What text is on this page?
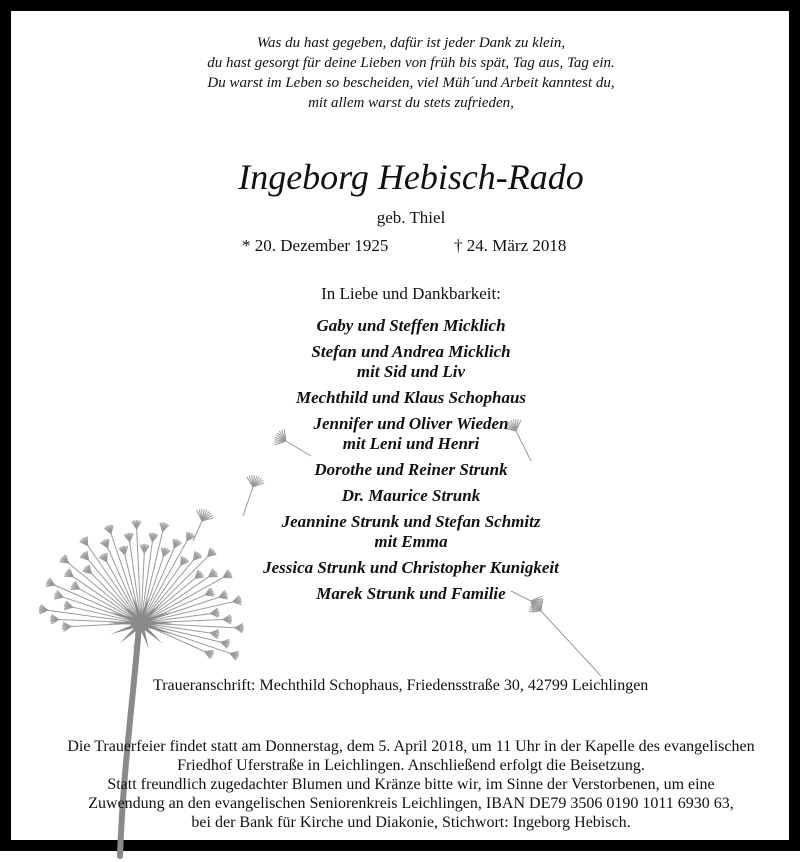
Was du hast gegeben, dafür ist jeder Dank zu klein,
du hast gesorgt für deine Lieben von früh bis spät, Tag aus, Tag ein.
Du warst im Leben so bescheiden, viel Müh´und Arbeit kanntest du,
mit allem warst du stets zufrieden,
Ingeborg Hebisch-Rado
geb. Thiel
* 20. Dezember 1925	† 24. März 2018
In Liebe und Dankbarkeit:
Gaby und Steffen Micklich
Stefan und Andrea Micklich
mit Sid und Liv
Mechthild und Klaus Schophaus
Jennifer und Oliver Wieden
mit Leni und Henri
Dorothe und Reiner Strunk
Dr. Maurice Strunk
Jeannine Strunk und Stefan Schmitz
mit Emma
Jessica Strunk und Christopher Kunigkeit
Marek Strunk und Familie
Traueranschrift: Mechthild Schophaus, Friedensstraße 30, 42799 Leichlingen
Die Trauerfeier findet statt am Donnerstag, dem 5. April 2018, um 11 Uhr in der Kapelle des evangelischen
Friedhof Uferstraße in Leichlingen. Anschließend erfolgt die Beisetzung.
Statt freundlich zugedachter Blumen und Kränze bitte wir, im Sinne der Verstorbenen, um eine
Zuwendung an den evangelischen Seniorenkreis Leichlingen, IBAN DE79 3506 0190 1011 6930 63,
bei der Bank für Kirche und Diakonie, Stichwort: Ingeborg Hebisch.
